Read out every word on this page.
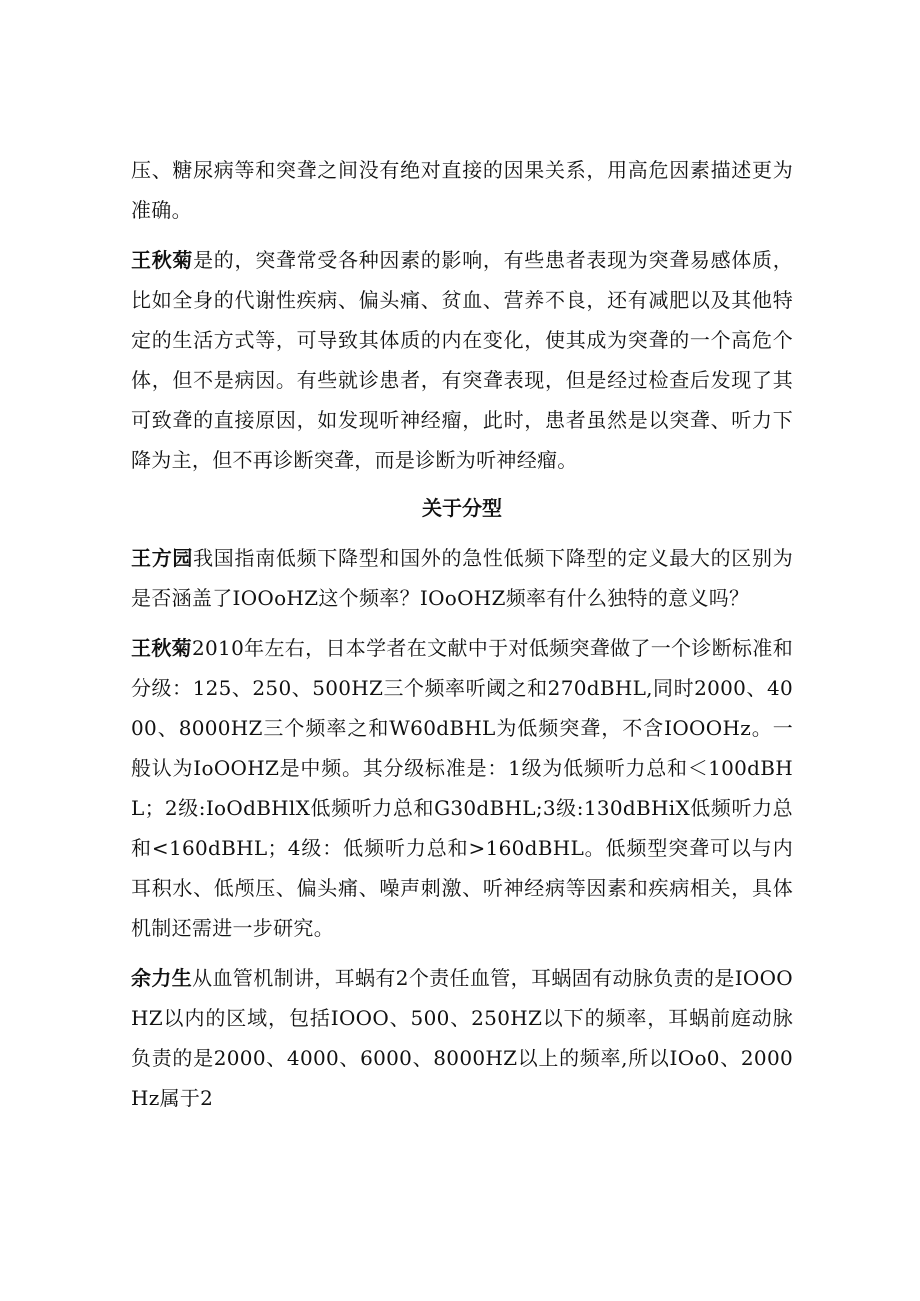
压、糖尿病等和突聋之间没有绝对直接的因果关系，用高危因素描述更为准确。

王秋菊是的，突聋常受各种因素的影响，有些患者表现为突聋易感体质，比如全身的代谢性疾病、偏头痛、贫血、营养不良，还有减肥以及其他特定的生活方式等，可导致其体质的内在变化，使其成为突聋的一个高危个体，但不是病因。有些就诊患者，有突聋表现，但是经过检查后发现了其可致聋的直接原因，如发现听神经瘤，此时，患者虽然是以突聋、听力下降为主，但不再诊断突聋，而是诊断为听神经瘤。

关于分型

王方园我国指南低频下降型和国外的急性低频下降型的定义最大的区别为是否涵盖了IOOoHZ这个频率？IOoOHZ频率有什么独特的意义吗？

王秋菊2010年左右，日本学者在文献中于对低频突聋做了一个诊断标准和分级：125、250、500HZ三个频率听阈之和270dBHL,同时2000、4000、8000HZ三个频率之和W60dBHL为低频突聋，不含IOOOHz。一般认为IoOOHZ是中频。其分级标准是：1级为低频听力总和＜100dBHL；2级:IoOdBHlX低频听力总和G30dBHL;3级:130dBHiX低频听力总和<160dBHL；4级：低频听力总和>160dBHL。低频型突聋可以与内耳积水、低颅压、偏头痛、噪声刺激、听神经病等因素和疾病相关，具体机制还需进一步研究。

余力生从血管机制讲，耳蜗有2个责任血管，耳蜗固有动脉负责的是IOOOHZ以内的区域，包括IOOO、500、250HZ以下的频率，耳蜗前庭动脉负责的是2000、4000、6000、8000HZ以上的频率,所以IOo0、2000Hz属于2
